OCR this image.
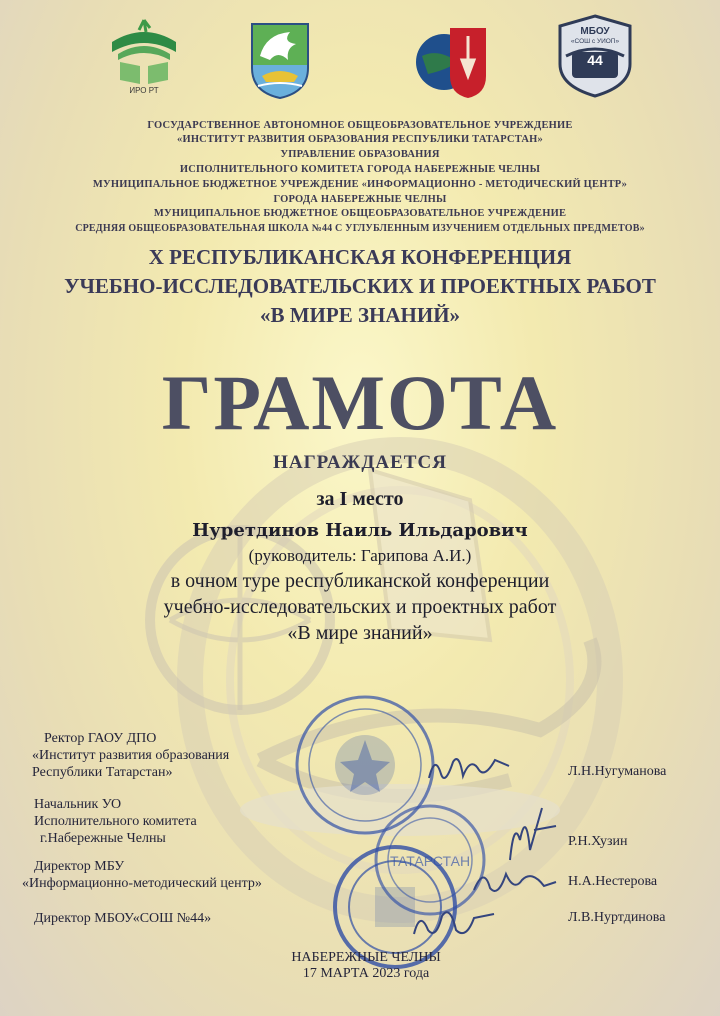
ИРО РТ
МБОУ
«СОШ с УИОП»
44
ГОСУДАРСТВЕННОЕ АВТОНОМНОЕ ОБЩЕОБРАЗОВАТЕЛЬНОЕ УЧРЕЖДЕНИЕ
«ИНСТИТУТ РАЗВИТИЯ ОБРАЗОВАНИЯ РЕСПУБЛИКИ ТАТАРСТАН»
УПРАВЛЕНИЕ ОБРАЗОВАНИЯ
ИСПОЛНИТЕЛЬНОГО КОМИТЕТА ГОРОДА НАБЕРЕЖНЫЕ ЧЕЛНЫ
МУНИЦИПАЛЬНОЕ БЮДЖЕТНОЕ УЧРЕЖДЕНИЕ «ИНФОРМАЦИОННО - МЕТОДИЧЕСКИЙ ЦЕНТР»
ГОРОДА НАБЕРЕЖНЫЕ ЧЕЛНЫ
МУНИЦИПАЛЬНОЕ БЮДЖЕТНОЕ ОБЩЕОБРАЗОВАТЕЛЬНОЕ УЧРЕЖДЕНИЕ
СРЕДНЯЯ ОБЩЕОБРАЗОВАТЕЛЬНАЯ ШКОЛА №44 С УГЛУБЛЕННЫМ ИЗУЧЕНИЕМ ОТДЕЛЬНЫХ ПРЕДМЕТОВ»
X РЕСПУБЛИКАНСКАЯ КОНФЕРЕНЦИЯ
УЧЕБНО-ИССЛЕДОВАТЕЛЬСКИХ И ПРОЕКТНЫХ РАБОТ
«В МИРЕ ЗНАНИЙ»
ГРАМОТА
НАГРАЖДАЕТСЯ
за I место
Нуретдинов Наиль Ильдарович
(руководитель: Гарипова А.И.)
в очном туре республиканской конференции
учебно-исследовательских и проектных работ
«В мире знаний»
ТАТАРСТАН
Ректор ГАОУ ДПО
«Институт развития образования
Республики Татарстан»	Л.Н.Нугуманова
Начальник УО
Исполнительного комитета
г.Набережные Челны	Р.Н.Хузин
Директор МБУ
«Информационно-методический центр»	Н.А.Нестерова
Директор МБОУ«СОШ №44»	Л.В.Нуртдинова
НАБЕРЕЖНЫЕ ЧЕЛНЫ
17 МАРТА 2023 года
